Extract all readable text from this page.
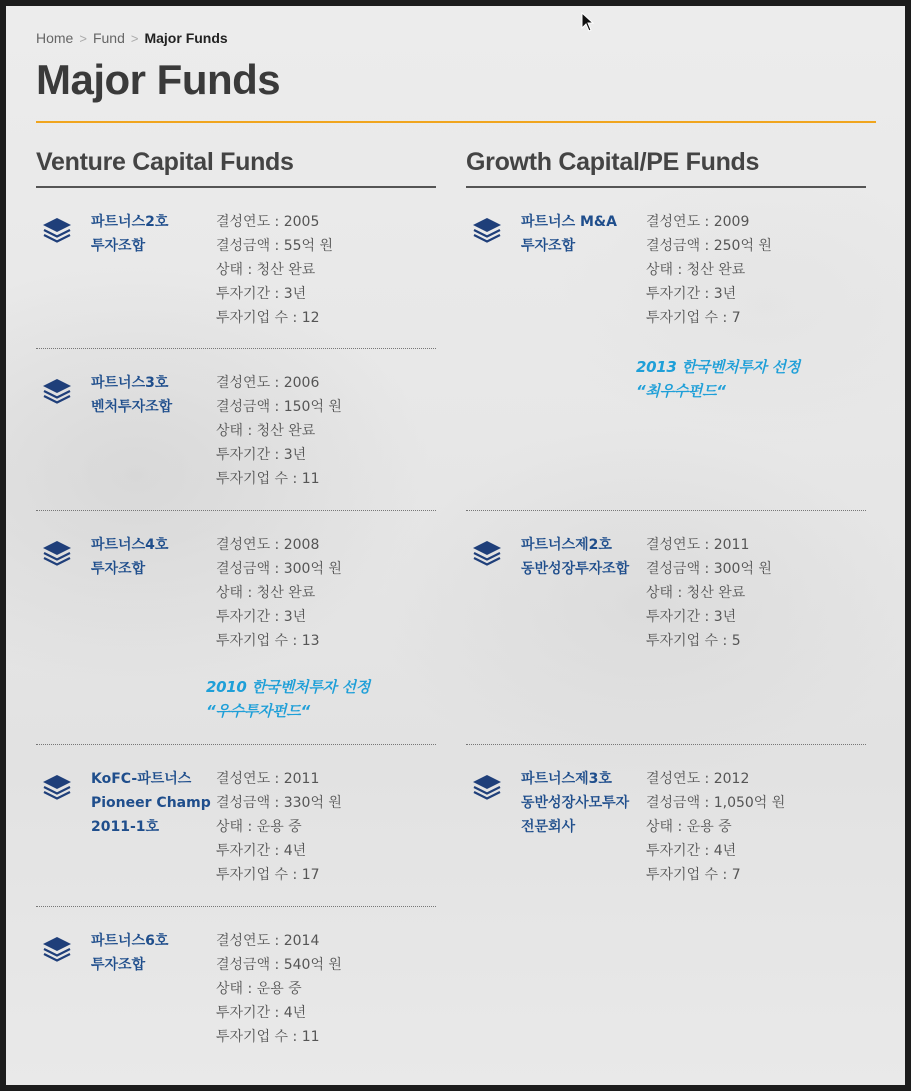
Home > Fund > Major Funds
Major Funds
Venture Capital Funds
파트너스2호
투자조합
결성연도 : 2005
결성금액 : 55억 원
상태 : 청산 완료
투자기간 : 3년
투자기업 수 : 12
파트너스3호
벤처투자조합
결성연도 : 2006
결성금액 : 150억 원
상태 : 청산 완료
투자기간 : 3년
투자기업 수 : 11
파트너스4호
투자조합
결성연도 : 2008
결성금액 : 300억 원
상태 : 청산 완료
투자기간 : 3년
투자기업 수 : 13
2010 한국벤처투자 선정
“우수투자펀드“
KoFC-파트너스
Pioneer Champ
2011-1호
결성연도 : 2011
결성금액 : 330억 원
상태 : 운용 중
투자기간 : 4년
투자기업 수 : 17
파트너스6호
투자조합
결성연도 : 2014
결성금액 : 540억 원
상태 : 운용 중
투자기간 : 4년
투자기업 수 : 11
Growth Capital/PE Funds
파트너스 M&A
투자조합
결성연도 : 2009
결성금액 : 250억 원
상태 : 청산 완료
투자기간 : 3년
투자기업 수 : 7
2013 한국벤처투자 선정
“최우수펀드“
파트너스제2호
동반성장투자조합
결성연도 : 2011
결성금액 : 300억 원
상태 : 청산 완료
투자기간 : 3년
투자기업 수 : 5
파트너스제3호
동반성장사모투자
전문회사
결성연도 : 2012
결성금액 : 1,050억 원
상태 : 운용 중
투자기간 : 4년
투자기업 수 : 7
